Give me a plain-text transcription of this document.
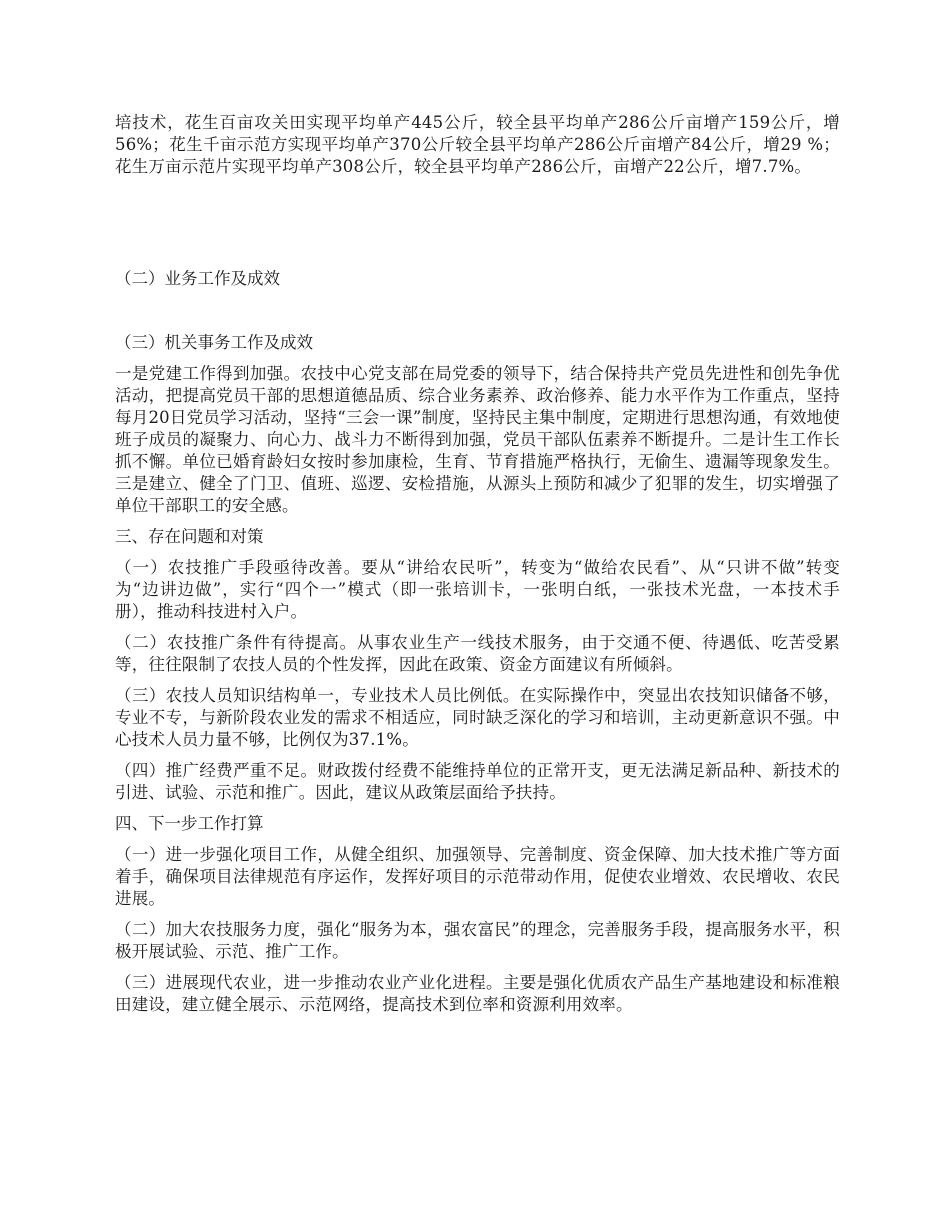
培技术，花生百亩攻关田实现平均单产445公斤，较全县平均单产286公斤亩增产159公斤，增56%；花生千亩示范方实现平均单产370公斤较全县平均单产286公斤亩增产84公斤，增29 %；花生万亩示范片实现平均单产308公斤，较全县平均单产286公斤，亩增产22公斤，增7.7%。

（二）业务工作及成效

（三）机关事务工作及成效

一是党建工作得到加强。农技中心党支部在局党委的领导下，结合保持共产党员先进性和创先争优活动，把提高党员干部的思想道德品质、综合业务素养、政治修养、能力水平作为工作重点，坚持每月20日党员学习活动，坚持“三会一课”制度，坚持民主集中制度，定期进行思想沟通，有效地使班子成员的凝聚力、向心力、战斗力不断得到加强，党员干部队伍素养不断提升。二是计生工作长抓不懈。单位已婚育龄妇女按时参加康检，生育、节育措施严格执行，无偷生、遗漏等现象发生。三是建立、健全了门卫、值班、巡逻、安检措施，从源头上预防和减少了犯罪的发生，切实增强了单位干部职工的安全感。

三、存在问题和对策

（一）农技推广手段亟待改善。要从“讲给农民听”，转变为“做给农民看”、从“只讲不做”转变为“边讲边做”，实行“四个一”模式（即一张培训卡，一张明白纸，一张技术光盘，一本技术手册），推动科技进村入户。

（二）农技推广条件有待提高。从事农业生产一线技术服务，由于交通不便、待遇低、吃苦受累等，往往限制了农技人员的个性发挥，因此在政策、资金方面建议有所倾斜。

（三）农技人员知识结构单一，专业技术人员比例低。在实际操作中，突显出农技知识储备不够，专业不专，与新阶段农业发的需求不相适应，同时缺乏深化的学习和培训，主动更新意识不强。中心技术人员力量不够，比例仅为37.1%。

（四）推广经费严重不足。财政拨付经费不能维持单位的正常开支，更无法满足新品种、新技术的引进、试验、示范和推广。因此，建议从政策层面给予扶持。

四、下一步工作打算

（一）进一步强化项目工作，从健全组织、加强领导、完善制度、资金保障、加大技术推广等方面着手，确保项目法律规范有序运作，发挥好项目的示范带动作用，促使农业增效、农民增收、农民进展。

（二）加大农技服务力度，强化“服务为本，强农富民”的理念，完善服务手段，提高服务水平，积极开展试验、示范、推广工作。

（三）进展现代农业，进一步推动农业产业化进程。主要是强化优质农产品生产基地建设和标准粮田建设，建立健全展示、示范网络，提高技术到位率和资源利用效率。
